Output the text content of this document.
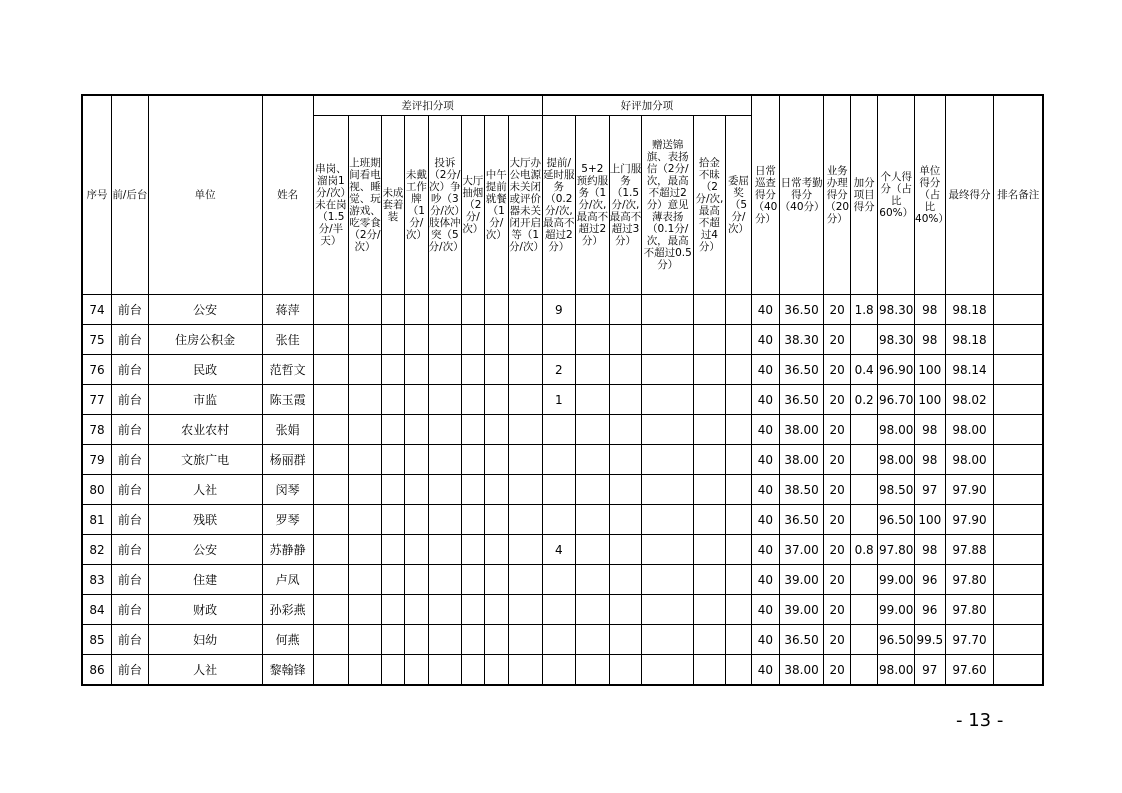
序号	前/后台	单位	姓名	差评扣分项								好评加分项						日常巡查得分（40分）	日常考勤得分（40分）	业务办理得分（20分）	加分项目得分	个人得分（占比60%）	单位得分（占比40%）	最终得分	排名备注
				串岗、溜岗1分/次）未在岗（1.5分/半天）	上班期间看电视、睡觉、玩游戏、吃零食（2分/次）	未成套着装	未戴工作牌（1分/次）	投诉（2分/次）争吵（3分/次）肢体冲突（5分/次）	大厅抽烟（2分/次）	中午提前就餐（1分/次）	大厅办公电源未关闭或评价器未关闭开启等（1分/次）	提前/延时服务（0.2分/次,最高不超过2分）	5+2预约服务（1分/次,最高不超过2分）	上门服务（1.5分/次,最高不超过3分）	赠送锦旗、表扬信（2分/次，最高不超过2分）意见薄表扬（0.1分/次，最高不超过0.5分）	拾金不昧（2分/次,最高不超过4分）	委屈奖（5分/次）								
74	前台	公安	蒋萍									9						40	36.50	20	1.8	98.30	98	98.18	
75	前台	住房公积金	张佳															40	38.30	20		98.30	98	98.18	
76	前台	民政	范哲文									2						40	36.50	20	0.4	96.90	100	98.14	
77	前台	市监	陈玉霞									1						40	36.50	20	0.2	96.70	100	98.02	
78	前台	农业农村	张娟															40	38.00	20		98.00	98	98.00	
79	前台	文旅广电	杨丽群															40	38.00	20		98.00	98	98.00	
80	前台	人社	闵琴															40	38.50	20		98.50	97	97.90	
81	前台	残联	罗琴															40	36.50	20		96.50	100	97.90	
82	前台	公安	苏静静									4						40	37.00	20	0.8	97.80	98	97.88	
83	前台	住建	卢凤															40	39.00	20		99.00	96	97.80	
84	前台	财政	孙彩燕															40	39.00	20		99.00	96	97.80	
85	前台	妇幼	何燕															40	36.50	20		96.50	99.5	97.70	
86	前台	人社	黎翰锋															40	38.00	20		98.00	97	97.60	
- 13 -
